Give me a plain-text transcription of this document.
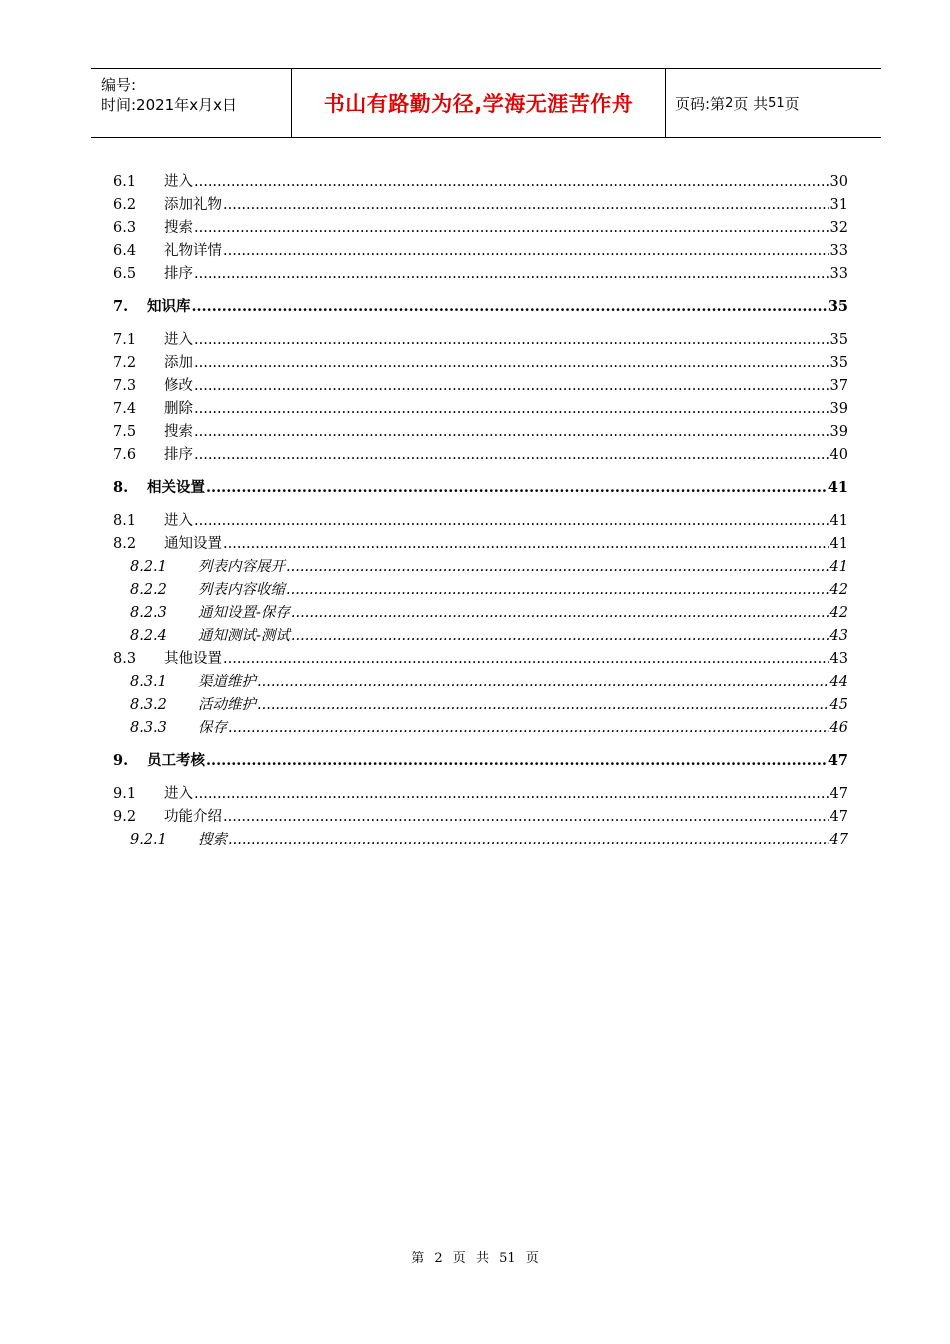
编号:
时间:2021年x月x日	书山有路勤为径,学海无涯苦作舟	页码:第 2 页 共 51 页
6.1	进入 .....	30
6.2	添加礼物 .....	31
6.3	搜索 .....	32
6.4	礼物详情 .....	33
6.5	排序 .....	33
7.	知识库 .....	35
7.1	进入 .....	35
7.2	添加 .....	35
7.3	修改 .....	37
7.4	删除 .....	39
7.5	搜索 .....	39
7.6	排序 .....	40
8.	相关设置 .....	41
8.1	进入 .....	41
8.2	通知设置 .....	41
8.2.1	列表内容展开 .....	41
8.2.2	列表内容收缩 .....	42
8.2.3	通知设置-保存 .....	42
8.2.4	通知测试-测试 .....	43
8.3	其他设置 .....	43
8.3.1	渠道维护 .....	44
8.3.2	活动维护 .....	45
8.3.3	保存 .....	46
9.	员工考核 .....	47
9.1	进入 .....	47
9.2	功能介绍 .....	47
9.2.1	搜索 .....	47
第 2 页 共 51 页
